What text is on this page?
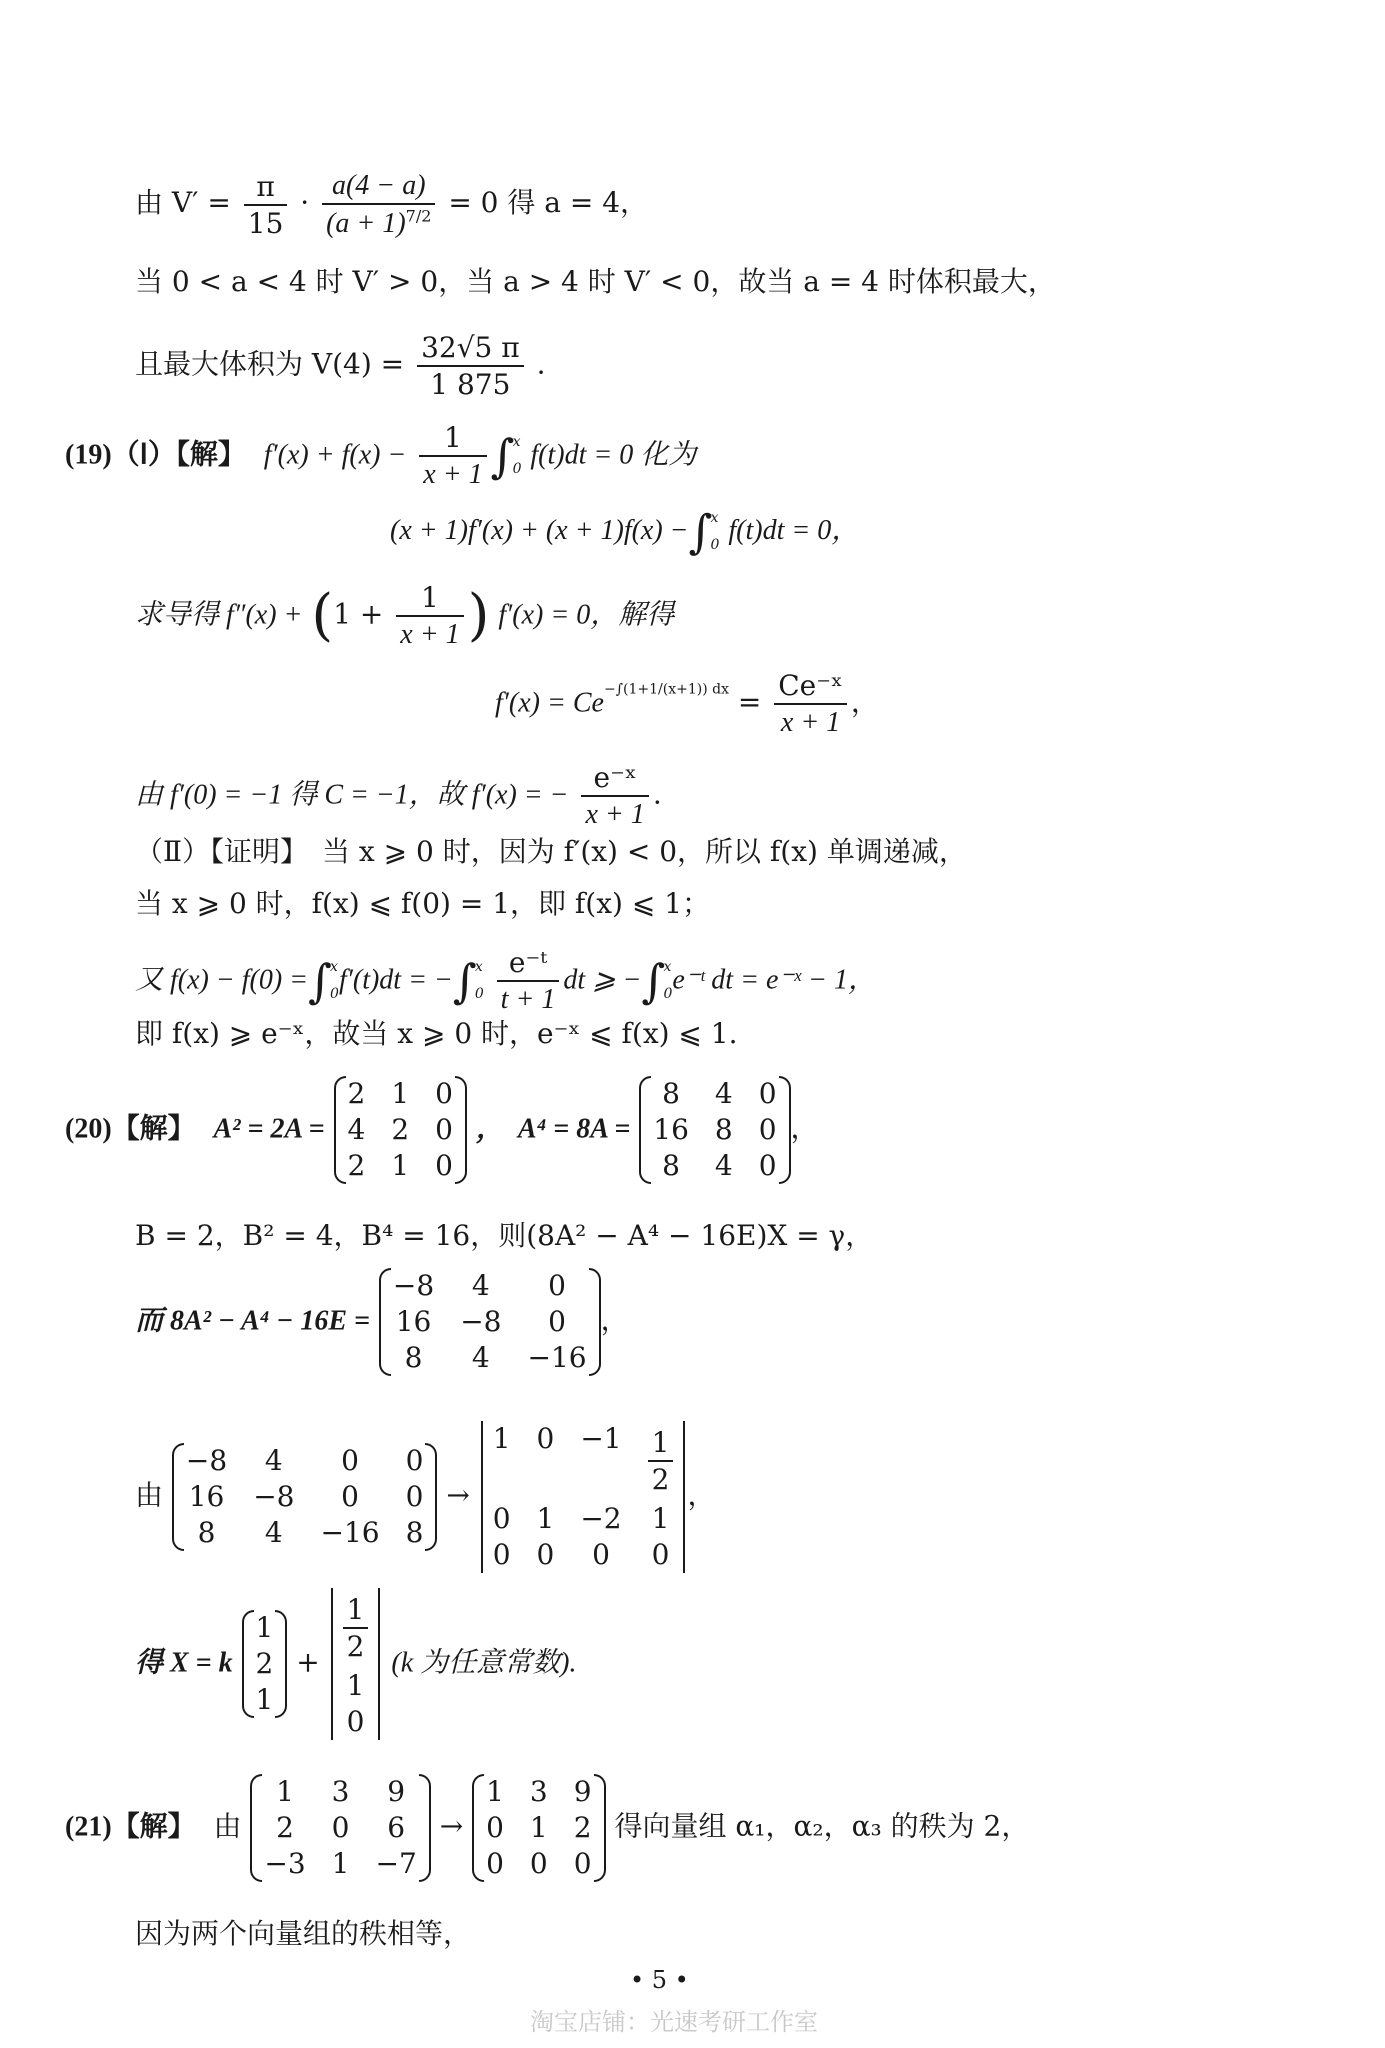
由 $V' = \frac{\pi}{15} \cdot \frac{a(4 - a)}{(a + 1)^{7/2}} = 0$ 得 a = 4，
当 0 < a < 4 时 V′ > 0，当 a > 4 时 V′ < 0，故当 a = 4 时体积最大，
且最大体积为 $V(4) = \frac{32√5 \pi}{1 875}$ .
(19)（Ⅰ）【解】 $f'(x) + f(x) - \frac{1}{x + 1}$ ∫
x
0 f(t)dt = 0 化为
(x + 1)f′(x) + (x + 1)f(x) −∫
x
0 f(t)dt = 0，
求导得 $f''(x) + (1 + \frac{1}{x + 1}$ ) f′(x) = 0，解得
$f'(x) = Ce^{-\int(1+1/(x+1)) dx} = \frac{\text{Ce⁻ˣ}}{x + 1}$ ，
由 f′(0) = −1 得 C = −1，故 f′(x) = − $\frac{\text{e⁻ˣ}}{x + 1}$ .
（Ⅱ）【证明】　当 x ⩾ 0 时，因为 f′(x) < 0，所以 f(x) 单调递减，
当 x ⩾ 0 时，f(x) ⩽ f(0) = 1，即 f(x) ⩽ 1；
又 f(x) − f(0) =∫
x
0 f′(t)dt = −∫
x
0
$\frac{\text{e⁻ᵗ}}{t + 1}$ dt ⩾ −∫
x
0 e⁻ᵗ dt = e⁻ˣ − 1，
即 f(x) ⩾ e⁻ˣ，故当 x ⩾ 0 时，e⁻ˣ ⩽ f(x) ⩽ 1.
(20)【解】 A² = 2A =
2 1 0
4 2 0
2 1 0
，　A⁴ = 8A =
8	4 0
16 8 0
8	4 0
，
B = 2，B² = 4，B⁴ = 16，则(8A² − A⁴ − 16E)X = γ，
而 8A² − A⁴ − 16E =
−8	4	0
16 −8	0
8	4	−16
，
由
−8	4	0	0
16 −8	0	0
8	4	−16 8
→
1 $0 -1 \frac{1}{2}$
0 1 −2 1
0 0	0	0
，
得 X = k
1
2
1
+ $\frac{1}{2}$
1
0
(k 为任意常数).
(21)【解】 由
1	3	9
2	0	6
−3 1 −7
→
1 3 9
0 1 2
0 0 0
得向量组 α₁，α₂，α₃ 的秩为 2，
因为两个向量组的秩相等，
• 5 •
淘宝店铺：光速考研工作室
